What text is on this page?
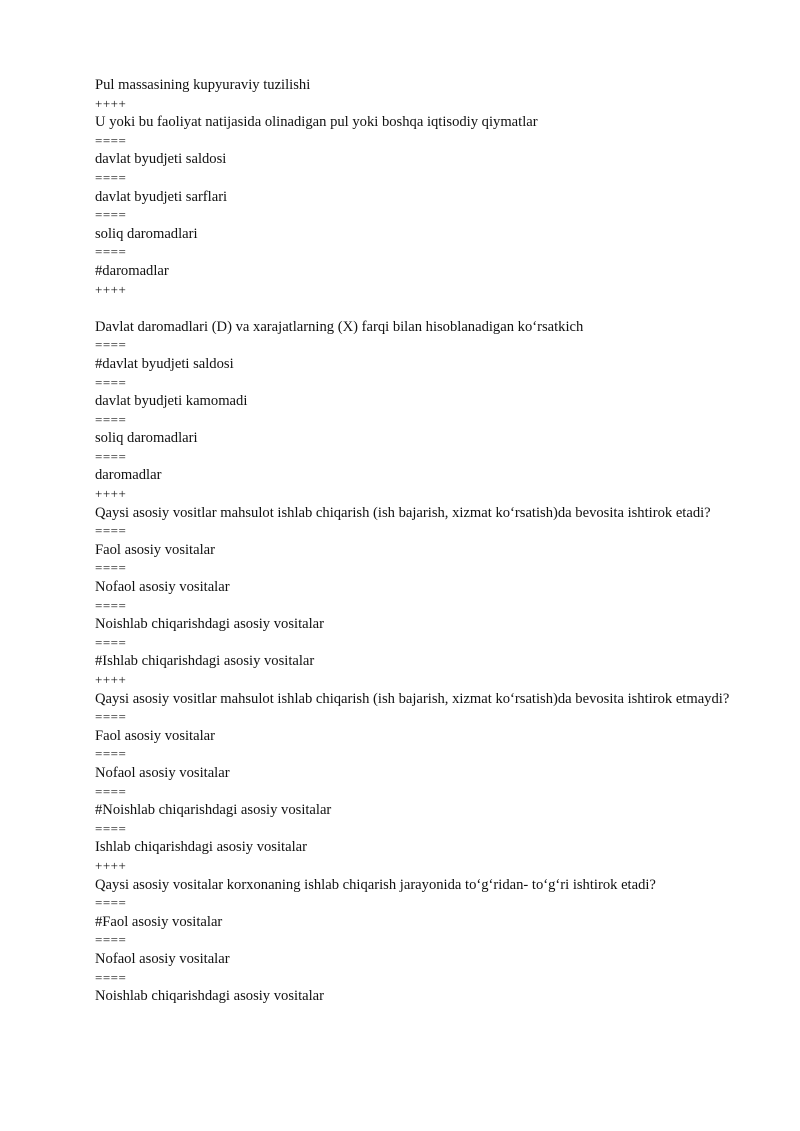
Pul massasining kupyuraviy tuzilishi
++++
U yoki bu faoliyat natijasida olinadigan pul yoki boshqa iqtisodiy qiymatlar
====
davlat byudjeti saldosi
====
davlat byudjeti sarflari
====
soliq daromadlari
====
#daromadlar
++++
Davlat daromadlari (D) va xarajatlarning (X) farqi bilan hisoblanadigan koʻrsatkich
====
#davlat byudjeti saldosi
====
davlat byudjeti kamomadi
====
soliq daromadlari
====
daromadlar
++++
Qaysi asosiy vositlar mahsulot ishlab chiqarish (ish bajarish, xizmat koʻrsatish)da bevosita ishtirok etadi?
====
Faol asosiy vositalar
====
Nofaol asosiy vositalar
====
Noishlab chiqarishdagi asosiy vositalar
====
#Ishlab chiqarishdagi asosiy vositalar
++++
Qaysi asosiy vositlar mahsulot ishlab chiqarish (ish bajarish, xizmat koʻrsatish)da bevosita ishtirok etmaydi?
====
Faol asosiy vositalar
====
Nofaol asosiy vositalar
====
#Noishlab chiqarishdagi asosiy vositalar
====
Ishlab chiqarishdagi asosiy vositalar
++++
Qaysi asosiy vositalar korxonaning ishlab chiqarish jarayonida toʻgʻridan- toʻgʻri ishtirok etadi?
====
#Faol asosiy vositalar
====
Nofaol asosiy vositalar
====
Noishlab chiqarishdagi asosiy vositalar
